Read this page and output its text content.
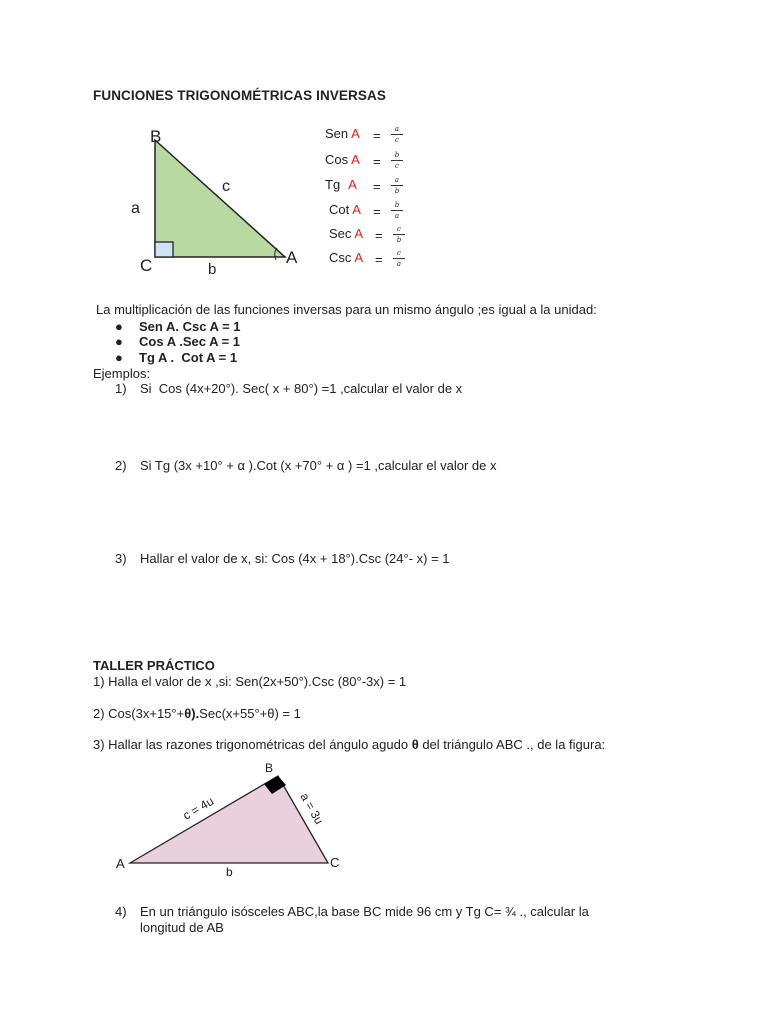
FUNCIONES TRIGONOMÉTRICAS INVERSAS
B
C	A
a
b
c
Sen $A = \frac{a}{c}$
Cos $A = \frac{b}{c}$
Tg $A = \frac{a}{b}$
Cot $A = \frac{b}{a}$
Sec $A = \frac{c}{b}$
Csc $A = \frac{c}{a}$
La multiplicación de las funciones inversas para un mismo ángulo ;es igual a la unidad:
● Sen A. Csc A = 1
● Cos A .Sec A = 1
● Tg A .  Cot A = 1
Ejemplos:
1) Si  Cos (4x+20°). Sec( x + 80°) =1 ,calcular el valor de x
2) Si Tg (3x +10° + α ).Cot (x +70° + α ) =1 ,calcular el valor de x
3) Hallar el valor de x, si: Cos (4x + 18°).Csc (24°- x) = 1
TALLER PRÁCTICO
1) Halla el valor de x ,si: Sen(2x+50°).Csc (80°-3x) = 1
2) Cos(3x+15°+θ).Sec(x+55°+θ) = 1
3) Hallar las razones trigonométricas del ángulo agudo θ del triángulo ABC ., de la figura:
A
B
C
c = 4u	a = 3u
b
4) En un triángulo isósceles ABC,la base BC mide 96 cm y Tg C= ¾ ., calcular la
longitud de AB
